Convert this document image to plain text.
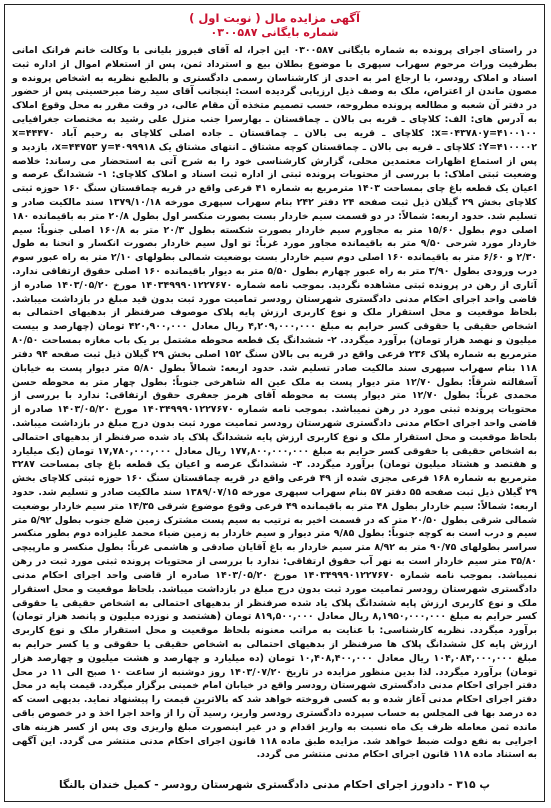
آگهی مزایده مال ( نوبت اول )
شماره بایگانی ۰۳۰۰۵۸۷

در راستای اجرای پرونده به شماره بایگانی ۰۳۰۰۵۸۷ این اجرا، له آقای فیروز بلیانی با وکالت خانم فرانک امانی بطرفیت وراث مرحوم سهراب سپهری با موضوع بطلان بیع و استرداد ثمن، پس از استعلام اموال از اداره ثبت اسناد و املاک رودسر، با ارجاع امر به احدی از کارشناسان رسمی دادگستری و بالطبع نظریه به اشخاص پرونده و مصون ماندن از اعتراض، ملک به وصف ذیل ارزیابی گردیده است: اینجانب آقای سید رضا میرحسینی پس از حضور در دفتر آن شعبه و مطالعه پرونده مطروحه، حسب تصمیم متخذه آن مقام عالی، در وقت مقرر به محل وقوع املاک به آدرس های: الف: کلاچای ـ قریه بی بالان ـ چماقستان ـ بهارسرا جنب منزل علی رشید به مختصات جغرافیایی x=۰۴۳۷۸۰y=۴۱۰۰۱۰۰: کلاچای ـ قریه بی بالان ـ چماقستان ـ جاده اصلی کلاچای به رحیم آباد x=۴۴۴۷۰ Y=۴۱۰۰۰۰۲: کلاچای ـ قریه بی بالان ـ چماقستان کوچه مشتاق ـ انتهای مشتاق یک x=۴۴۷۵۳ y=۴۰۹۹۹۱۸، بازدید و پس از استماع اظهارات معتمدین محلی، گزارش کارشناسی خود را به شرح آتی به استحضار می رساند: خلاصه وضعیت ثبتی املاک: با بررسی از محتویات پرونده ثبتی از اداره ثبت اسناد و املاک کلاچای: ۱- ششدانگ عرصه و اعیان یک قطعه باغ چای بمساحت ۱۴۰۳ مترمربع به شماره ۴۱ فرعی واقع در قریه چماقستان سنگ ۱۶۰ حوزه ثبتی کلاچای بخش ۲۹ گیلان ذیل ثبت صفحه ۲۴ دفتر ۲۴۲ بنام سهراب سپهری مورخه ۱۳۷۹/۱۰/۱۸ سند مالکیت صادر و تسلیم شد. حدود اربعه: شمالاً: در دو قسمت سیم خاردار بست بصورت منکسر اول بطول ۲۰/۸ متر به باقیمانده ۱۸۰ اصلی دوم بطول ۱۵/۶۰ متر به مجاورم سیم خاردار بصورت شکسته بطول ۲۰/۳ متر به ۱۶۰/۸ اصلی جنوباً: سیم خاردار مورد شرحی ۹/۵۰ متر به باقیمانده مجاور مورد غرباً: تو اول سیم خاردار بصورت انکسار و انحنا به طول ۲/۳۰ و ۶/۶۰ متر به باقیمانده ۱۶۰ اصلی دوم سیم خاردار بست بوضعیت شمالی بطولهای ۲/۱۰ متر به راه عبور سوم درب ورودی بطول ۳/۹۰ متر به راه عبور چهارم بطول ۵/۵۰ متر به دیوار باقیمانده ۱۶۰ اصلی حقوق ارتفاقی ندارد. آثاری از رهن در پرونده ثبتی مشاهده نگردید. بموجب نامه شماره ۱۴۰۳۴۹۹۹۰۱۲۲۷۶۷۰ مورخ ۱۴۰۳/۰۵/۲۰ صادره از قاضی واحد اجرای احکام مدنی دادگستری شهرستان رودسر تمامیت مورد ثبت بدون قید مبلغ در بازداشت میباشد. بلحاظ موقعیت و محل استقرار ملک و نوع کاربری ارزش پایه پلاک موصوف صرفنظر از بدهیهای احتمالی به اشخاص حقیقی یا حقوقی کسر حرایم به مبلغ ۴,۲۰۹,۰۰۰,۰۰۰ ریال معادل ۴۲۰,۹۰۰,۰۰۰ تومان (چهارصد و بیست میلیون و نهصد هزار تومان) برآورد میگردد. ۲- ششدانگ یک قطعه محوطه مشتمل بر یک باب مغازه بمساحت ۸۰/۵۰ مترمربع به شماره پلاک ۲۳۶ فرعی واقع در قریه بی بالان سنگ ۱۵۲ اصلی بخش ۲۹ گیلان ذیل ثبت صفحه ۹۴ دفتر ۱۱۸ بنام سهراب سپهری سند مالکیت صادر تسلیم شد. حدود اربعه: شمالاً بطول ۵/۸۰ متر دیوار پست به خیابان آسفالته شرقاً: بطول ۱۲/۷۰ متر دیوار پست به ملک عین اله شاهرخی جنوباً: بطول چهار متر به محوطه حسن محمدی غرباً: بطول ۱۲/۷۰ متر دیوار پست به محوطه آقای هرمز جعفری حقوق ارتفاقی: ندارد با بررسی از محتویات پرونده ثبتی مورد در رهن نمیباشد. بموجب نامه شماره ۱۴۰۳۴۹۹۹۰۱۲۲۷۶۷۰ مورخ ۱۴۰۳/۰۵/۲۰ صادره از قاضی واحد اجرای احکام مدنی دادگستری شهرستان رودسر تمامیت مورد ثبت بدون درج مبلغ در بازداشت میباشد. بلحاظ موقعیت و محل استقرار ملک و نوع کاربری ارزش پایه ششدانگ پلاک یاد شده صرفنظر از بدهیهای احتمالی به اشخاص حقیقی یا حقوقی کسر حرایم به مبلغ ۱۷۷,۸۰۰,۰۰۰,۰۰۰ ریال معادل ۱۷,۷۸۰,۰۰۰,۰۰۰ تومان (یک میلیارد و هفتصد و هشتاد میلیون تومان) برآورد میگردد. ۳- ششدانگ عرصه و اعیان یک قطعه باغ چای بمساحت ۳۲۸۷ مترمربع به شماره ۱۶۸ فرعی مجزی شده از ۴۹ فرعی واقع در قریه چماقستان سنگ ۱۶۰ حوزه ثبتی کلاچای بخش ۲۹ گیلان ذیل ثبت صفحه ۵۵ دفتر ۵۷ بنام سهراب سپهری مورخه ۱۳۸۹/۰۷/۱۵ سند مالکیت صادر و تسلیم شد. حدود اربعه: شمالاً: سیم خاردار بطول ۴۸ متر به باقیمانده ۴۹ فرعی وقوع موضوع شرقی ۱۴/۳۵ متر سیم خاردار بوضعیت شمالی شرقی بطول ۲۰/۵۰ متر که در قسمت اخیر به ترتیب به سیم پست مشترک زمین ضلع جنوب بطول ۵/۹۲ متر سیم و درب است به کوچه جنوباً: بطول ۹/۸۵ متر دیوار و سیم خاردار به زمین ضیاء محمد علیزاده دوم بطور منکسر سراسر بطولهای ۹۰/۷۵ متر به ۸/۹۲ متر سیم خاردار به باغ آقایان صادقی و هاشمی غرباً: بطول منکسر و مارپیچی ۳۵/۸۰ متر سیم خاردار است به نهر آب حقوق ارتفاقی: ندارد با بررسی از محتویات پرونده ثبتی مورد ثبت در رهن نمیباشد. بموجب نامه شماره ۱۴۰۳۴۹۹۹۰۱۲۲۷۶۷۰ مورخ ۱۴۰۳/۰۵/۲۰ صادره از قاضی واحد اجرای احکام مدنی دادگستری شهرستان رودسر تمامیت مورد ثبت بدون درج مبلغ در بازداشت میباشد. بلحاظ موقعیت و محل استقرار ملک و نوع کاربری ارزش پایه ششدانگ پلاک یاد شده صرفنظر از بدهیهای احتمالی به اشخاص حقیقی یا حقوقی کسر حرایم به مبلغ ۸,۱۹۵۰,۰۰۰,۰۰۰ ریال معادل ۸۱۹,۵۰۰,۰۰۰ تومان (هشتصد و نوزده میلیون و پانصد هزار تومان) برآورد میگردد. نظریه کارشناسی: با عنایت به مراتب معنونه بلحاظ موقعیت و محل استقرار ملک و نوع کاربری ارزش پایه کل ششدانگ پلاک ها صرفنظر از بدهیهای احتمالی به اشخاص حقیقی یا حقوقی و یا کسر حرایم به مبلغ ۱۰۴,۰۸۴,۰۰۰,۰۰۰ ریال معادل ۱۰,۴۰۸,۴۰۰,۰۰۰ تومان (ده میلیارد و چهارصد و هشت میلیون و چهارصد هزار تومان) برآورد میگردد. لذا بدین منظور مزایده در تاریخ ۱۴۰۳/۰۷/۲۰ روز دوشنبه از ساعت ۱۰ صبح الی ۱۱ در محل دفتر اجرای احکام مدنی دادگستری شهرستان رودسر واقع در خیابان امام خمینی برگزار میگردد. قیمت پایه در محل دفتر اجرای احکام مدنی آغاز شده و به کسی فروخته خواهد شد که بالاترین قیمت را پیشنهاد نماید. بدیهی است که ده درصد بها فی المجلس به حساب سپرده دادگستری رودسر واریز، رسید آن را از واحد اجرا اخذ و در خصوص باقی مانده ثمن معامله ظرف یک ماه نسبت به واریز اقدام و در غیر اینصورت مبلغ واریزی وی پس از کسر هزینه های اجرایی به نفع دولت ضبط خواهد شد. مزایده طبق ماده ۱۱۸ قانون اجرای احکام مدنی منتشر می گردد. این آگهی به استناد ماده ۱۱۸ قانون اجرای احکام مدنی منتشر می گردد.

پ ۳۱۵ - دادورز اجرای احکام مدنی دادگستری شهرستان رودسر - کمیل خندان بالنگا
